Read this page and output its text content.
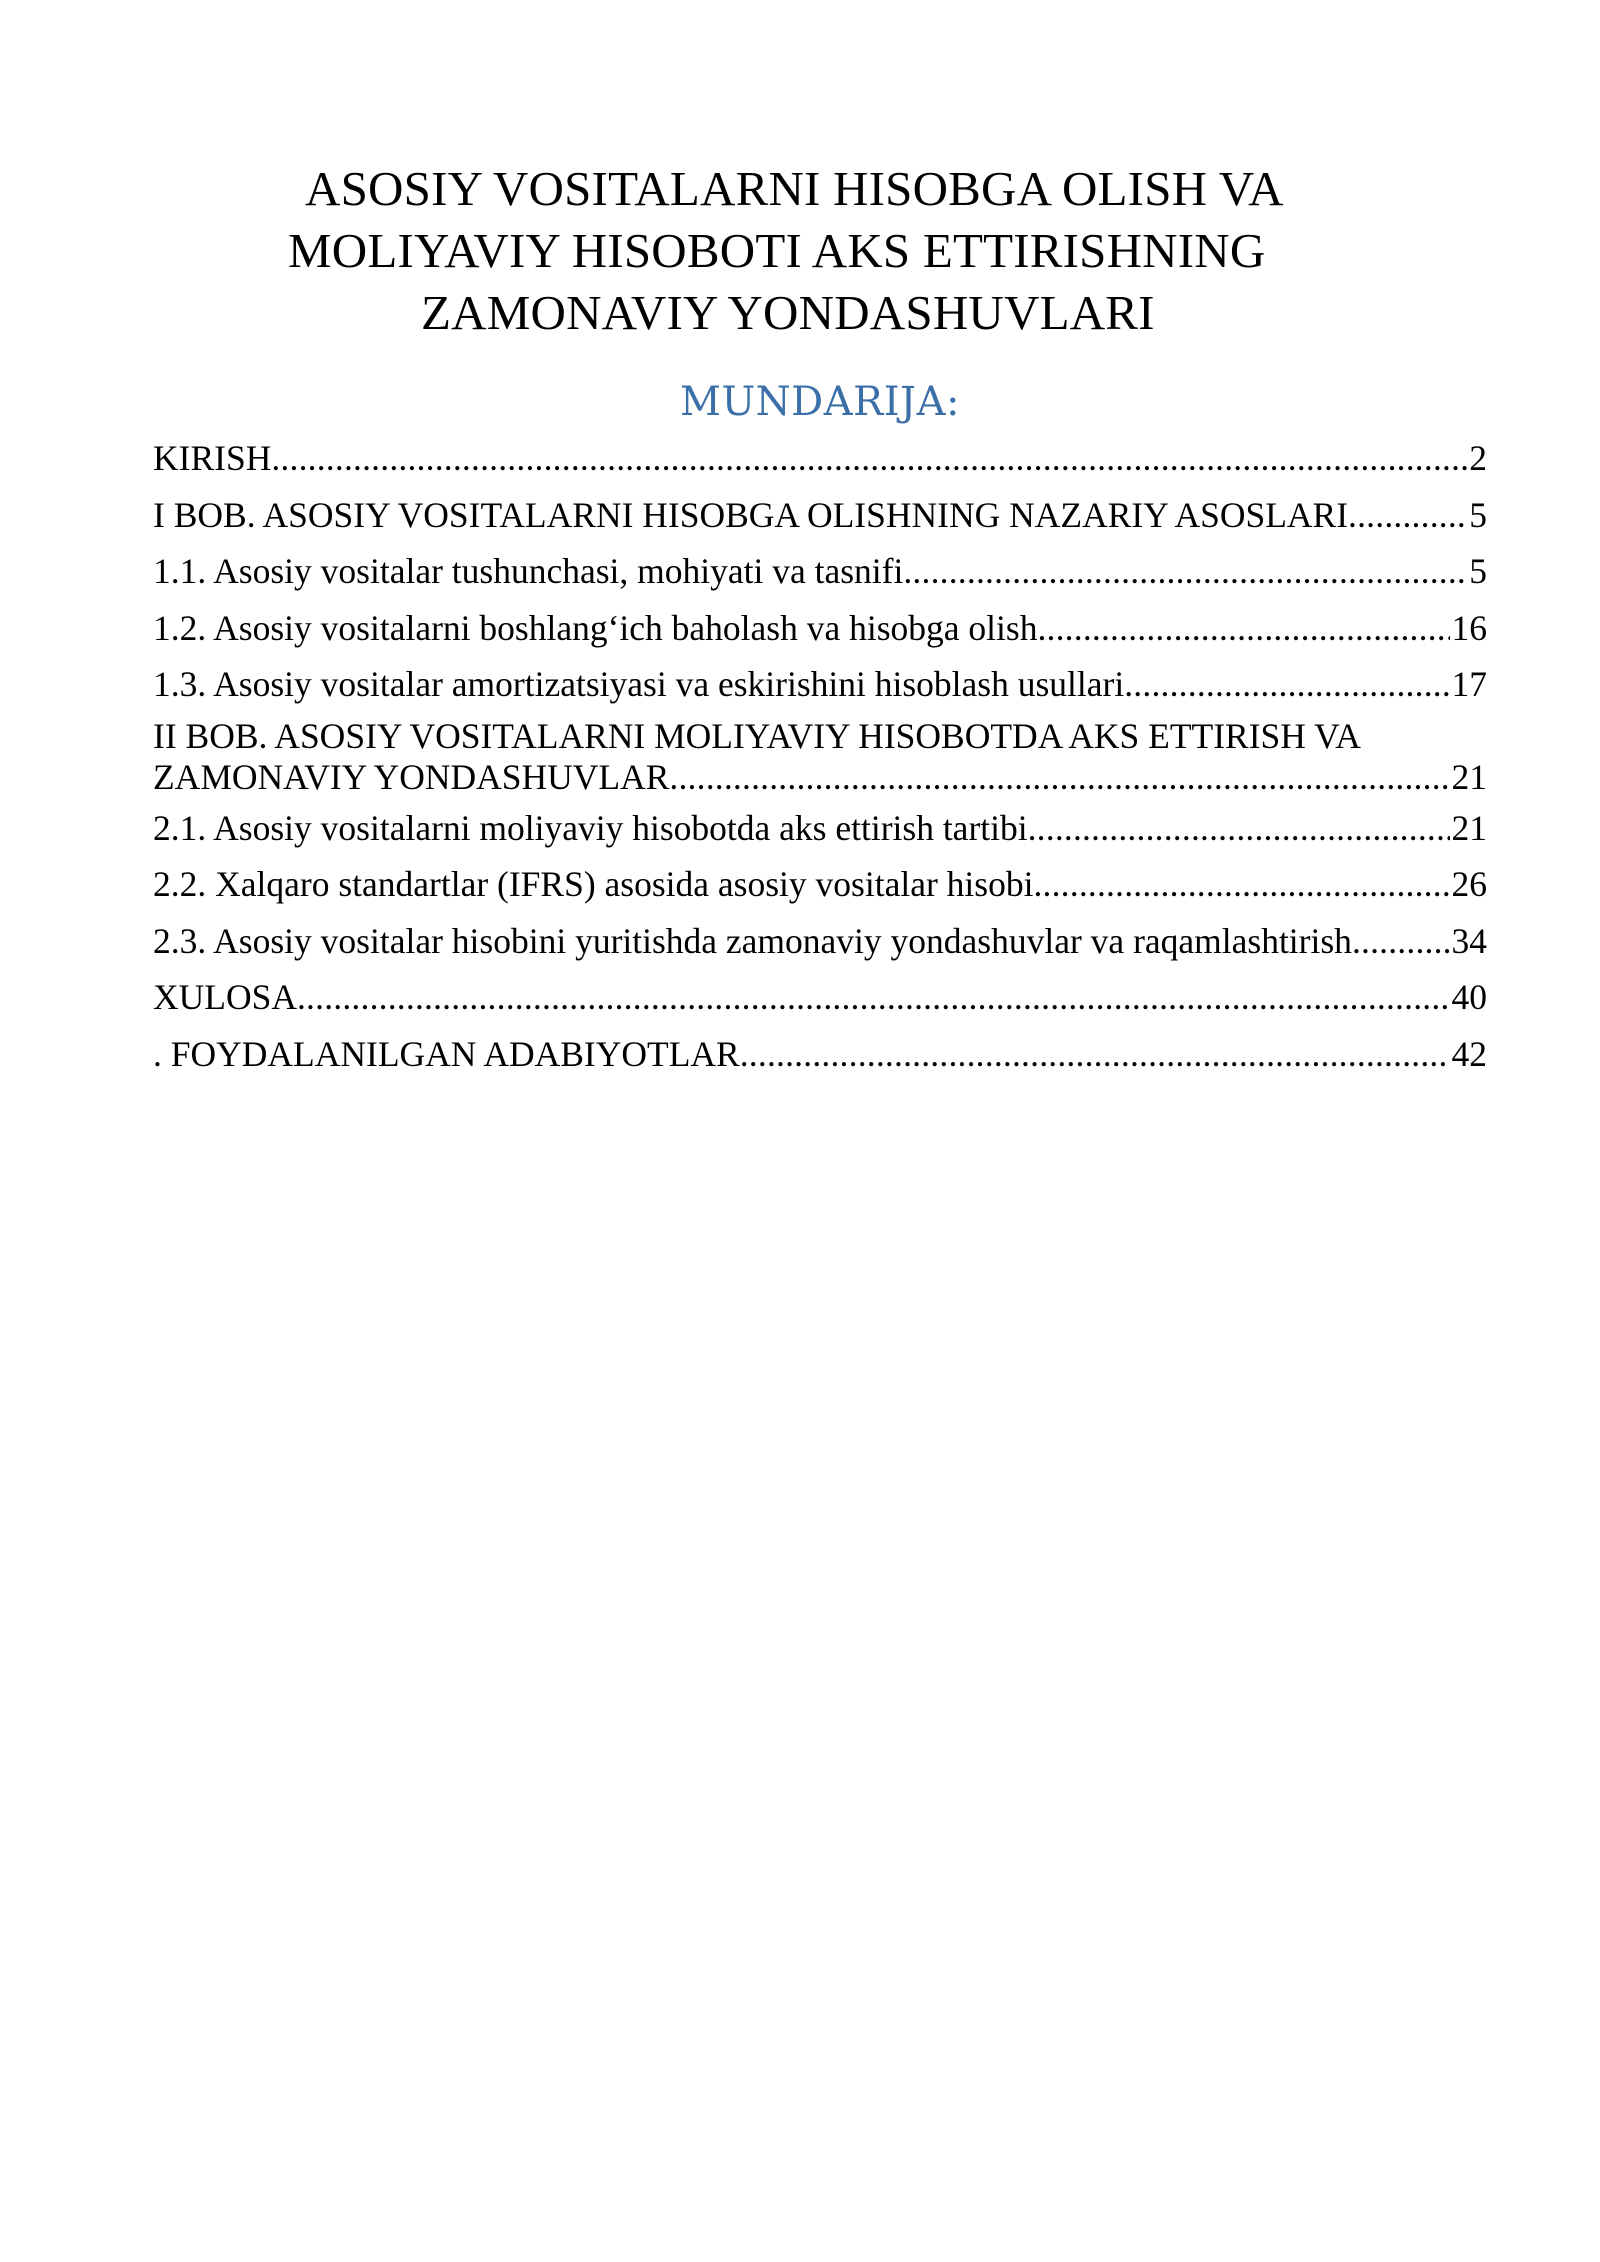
ASOSIY VOSITALARNI HISOBGA OLISH VA
MOLIYAVIY HISOBOTI AKS ETTIRISHNING
ZAMONAVIY YONDASHUVLARI
MUNDARIJA:
KIRISH .....	2
I BOB. ASOSIY VOSITALARNI HISOBGA OLISHNING NAZARIY ASOSLARI .....	5
1.1. Asosiy vositalar tushunchasi, mohiyati va tasnifi .....	5
1.2. Asosiy vositalarni boshlang‘ich baholash va hisobga olish .....	16
1.3. Asosiy vositalar amortizatsiyasi va eskirishini hisoblash usullari .....	17
II BOB. ASOSIY VOSITALARNI MOLIYAVIY HISOBOTDA AKS ETTIRISH VA
ZAMONAVIY YONDASHUVLAR .....	21
2.1. Asosiy vositalarni moliyaviy hisobotda aks ettirish tartibi .....	21
2.2. Xalqaro standartlar (IFRS) asosida asosiy vositalar hisobi .....	26
2.3. Asosiy vositalar hisobini yuritishda zamonaviy yondashuvlar va raqamlashtirish .....	34
XULOSA .....	40
. FOYDALANILGAN ADABIYOTLAR .....	42
